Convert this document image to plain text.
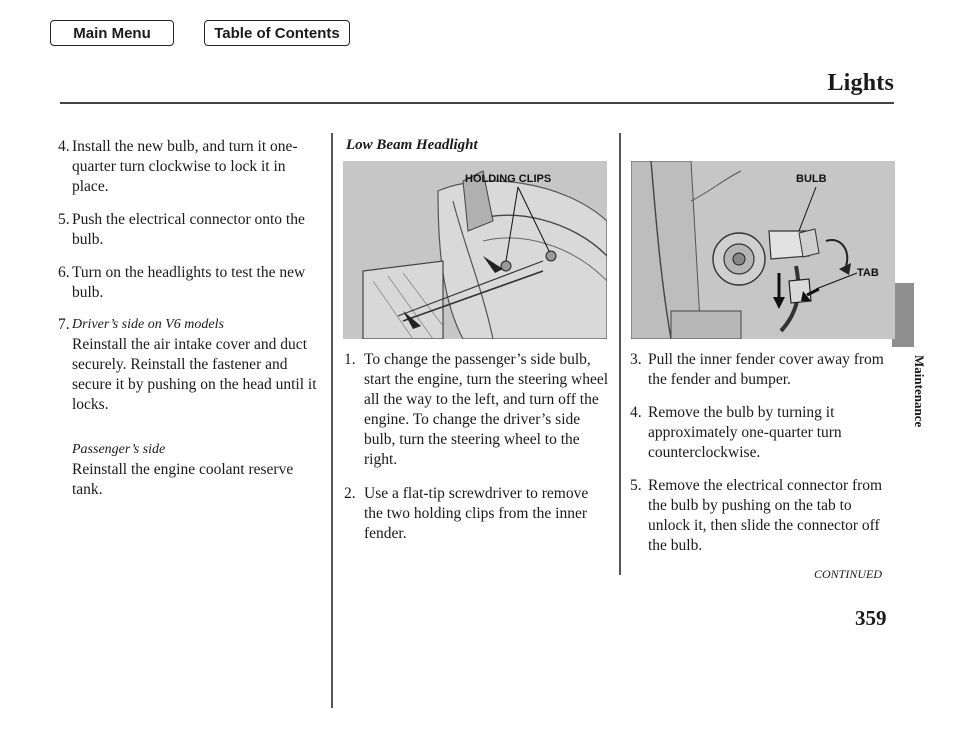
Main Menu	Table of Contents
Lights
Maintenance
4. Install the new bulb, and turn it one-quarter turn clockwise to lock it in place.
5. Push the electrical connector onto the bulb.
6. Turn on the headlights to test the new bulb.
7. Driver’s side on V6 models
Reinstall the air intake cover and duct securely. Reinstall the fastener and secure it by pushing on the head until it locks.
Passenger’s side
Reinstall the engine coolant reserve tank.
Low Beam Headlight
HOLDING CLIPS	BULB
TAB
1. To change the passenger’s side bulb, start the engine, turn the steering wheel all the way to the left, and turn off the engine. To change the driver’s side bulb, turn the steering wheel to the right.
2. Use a flat-tip screwdriver to remove the two holding clips from the inner fender.
3. Pull the inner fender cover away from the fender and bumper.
4. Remove the bulb by turning it approximately one-quarter turn counterclockwise.
5. Remove the electrical connector from the bulb by pushing on the tab to unlock it, then slide the connector off the bulb.
CONTINUED
359
